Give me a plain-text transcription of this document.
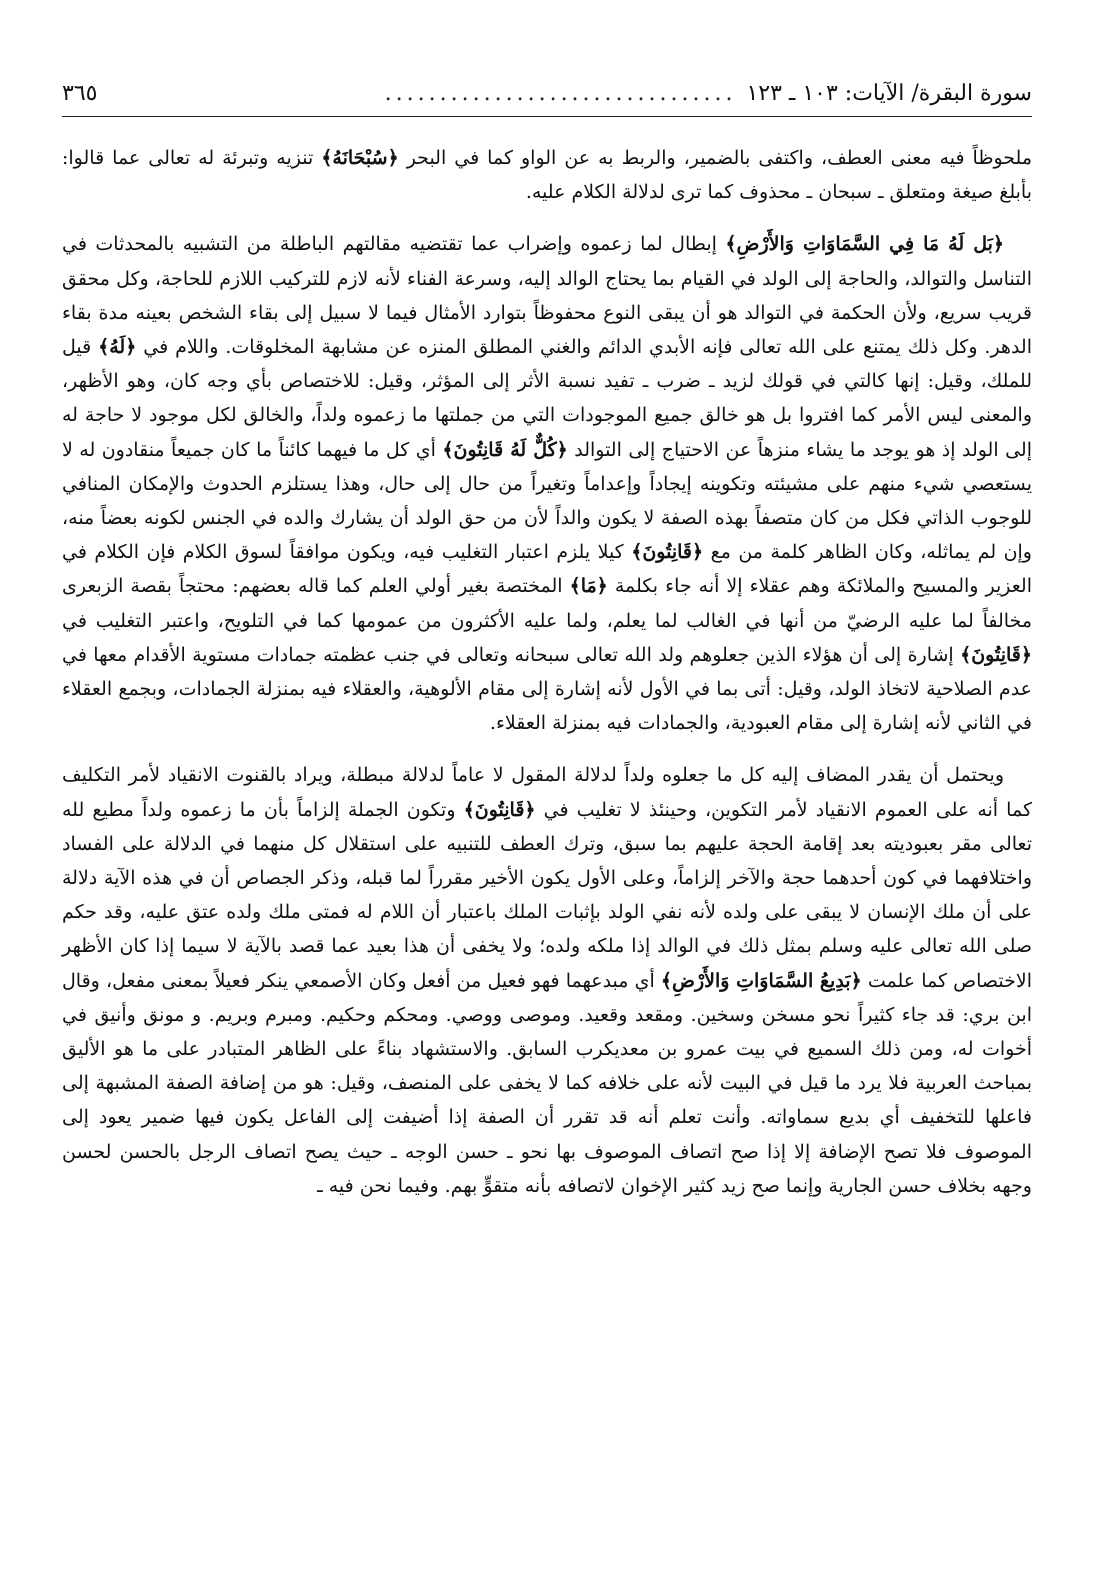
سورة البقرة/ الآيات: ١٠٣ ـ ١٢٣
................................
٣٦٥

ملحوظاً فيه معنى العطف، واكتفى بالضمير، والربط به عن الواو كما في البحر ﴿سُبْحَانَهُ﴾ تنزيه وتبرئة له تعالى عما قالوا: بأبلغ صيغة ومتعلق ـ سبحان ـ محذوف كما ترى لدلالة الكلام عليه.

﴿بَل لَهُ مَا فِي السَّمَاوَاتِ وَالأَرْضِ﴾ إبطال لما زعموه وإضراب عما تقتضيه مقالتهم الباطلة من التشبيه بالمحدثات في التناسل والتوالد، والحاجة إلى الولد في القيام بما يحتاج الوالد إليه، وسرعة الفناء لأنه لازم للتركيب اللازم للحاجة، وكل محقق قريب سريع، ولأن الحكمة في التوالد هو أن يبقى النوع محفوظاً بتوارد الأمثال فيما لا سبيل إلى بقاء الشخص بعينه مدة بقاء الدهر. وكل ذلك يمتنع على الله تعالى فإنه الأبدي الدائم والغني المطلق المنزه عن مشابهة المخلوقات. واللام في ﴿لَهُ﴾ قيل للملك، وقيل: إنها كالتي في قولك لزيد ـ ضرب ـ تفيد نسبة الأثر إلى المؤثر، وقيل: للاختصاص بأي وجه كان، وهو الأظهر، والمعنى ليس الأمر كما افتروا بل هو خالق جميع الموجودات التي من جملتها ما زعموه ولداً، والخالق لكل موجود لا حاجة له إلى الولد إذ هو يوجد ما يشاء منزهاً عن الاحتياج إلى التوالد ﴿كُلٌّ لَهُ قَانِتُونَ﴾ أي كل ما فيهما كائناً ما كان جميعاً منقادون له لا يستعصي شيء منهم على مشيئته وتكوينه إيجاداً وإعداماً وتغيراً من حال إلى حال، وهذا يستلزم الحدوث والإمكان المنافي للوجوب الذاتي فكل من كان متصفاً بهذه الصفة لا يكون والداً لأن من حق الولد أن يشارك والده في الجنس لكونه بعضاً منه، وإن لم يماثله، وكان الظاهر كلمة من مع ﴿قَانِتُونَ﴾ كيلا يلزم اعتبار التغليب فيه، ويكون موافقاً لسوق الكلام فإن الكلام في العزير والمسيح والملائكة وهم عقلاء إلا أنه جاء بكلمة ﴿مَا﴾ المختصة بغير أولي العلم كما قاله بعضهم: محتجاً بقصة الزبعرى مخالفاً لما عليه الرضيّ من أنها في الغالب لما يعلم، ولما عليه الأكثرون من عمومها كما في التلويح، واعتبر التغليب في ﴿قَانِتُونَ﴾ إشارة إلى أن هؤلاء الذين جعلوهم ولد الله تعالى سبحانه وتعالى في جنب عظمته جمادات مستوية الأقدام معها في عدم الصلاحية لاتخاذ الولد، وقيل: أتى بما في الأول لأنه إشارة إلى مقام الألوهية، والعقلاء فيه بمنزلة الجمادات، وبجمع العقلاء في الثاني لأنه إشارة إلى مقام العبودية، والجمادات فيه بمنزلة العقلاء.

ويحتمل أن يقدر المضاف إليه كل ما جعلوه ولداً لدلالة المقول لا عاماً لدلالة مبطلة، ويراد بالقنوت الانقياد لأمر التكليف كما أنه على العموم الانقياد لأمر التكوين، وحينئذ لا تغليب في ﴿قَانِتُونَ﴾ وتكون الجملة إلزاماً بأن ما زعموه ولداً مطيع لله تعالى مقر بعبوديته بعد إقامة الحجة عليهم بما سبق، وترك العطف للتنبيه على استقلال كل منهما في الدلالة على الفساد واختلافهما في كون أحدهما حجة والآخر إلزاماً، وعلى الأول يكون الأخير مقرراً لما قبله، وذكر الجصاص أن في هذه الآية دلالة على أن ملك الإنسان لا يبقى على ولده لأنه نفي الولد بإثبات الملك باعتبار أن اللام له فمتى ملك ولده عتق عليه، وقد حكم صلى الله تعالى عليه وسلم بمثل ذلك في الوالد إذا ملكه ولده؛ ولا يخفى أن هذا بعيد عما قصد بالآية لا سيما إذا كان الأظهر الاختصاص كما علمت ﴿بَدِيعُ السَّمَاوَاتِ وَالأَرْضِ﴾ أي مبدعهما فهو فعيل من أفعل وكان الأصمعي ينكر فعيلاً بمعنى مفعل، وقال ابن بري: قد جاء كثيراً نحو مسخن وسخين. ومقعد وقعيد. وموصى ووصي. ومحكم وحكيم. ومبرم وبريم. و مونق وأنيق في أخوات له، ومن ذلك السميع في بيت عمرو بن معديكرب السابق. والاستشهاد بناءً على الظاهر المتبادر على ما هو الأليق بمباحث العربية فلا يرد ما قيل في البيت لأنه على خلافه كما لا يخفى على المنصف، وقيل: هو من إضافة الصفة المشبهة إلى فاعلها للتخفيف أي بديع سماواته. وأنت تعلم أنه قد تقرر أن الصفة إذا أضيفت إلى الفاعل يكون فيها ضمير يعود إلى الموصوف فلا تصح الإضافة إلا إذا صح اتصاف الموصوف بها نحو ـ حسن الوجه ـ حيث يصح اتصاف الرجل بالحسن لحسن وجهه بخلاف حسن الجارية وإنما صح زيد كثير الإخوان لاتصافه بأنه متقوٍّ بهم. وفيما نحن فيه ـ
